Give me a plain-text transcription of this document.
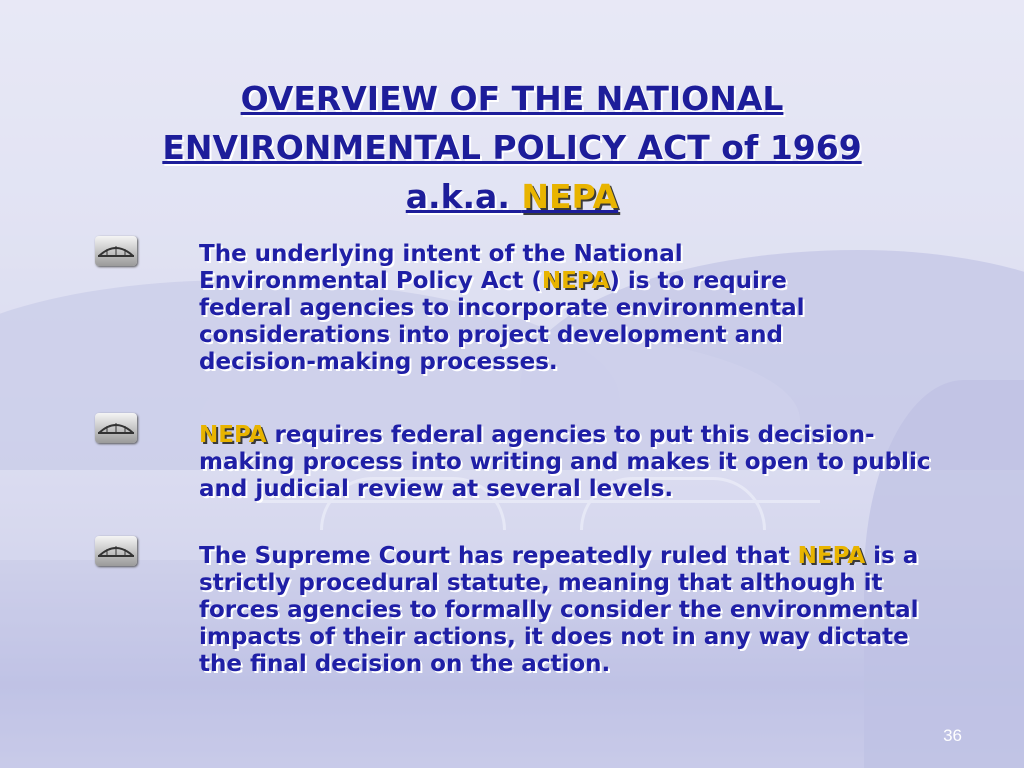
OVERVIEW OF THE NATIONAL
ENVIRONMENTAL POLICY ACT of 1969
a.k.a. NEPA
The underlying intent of the National Environmental Policy Act (NEPA) is to require federal agencies to incorporate environmental considerations into project development and decision-making processes.
NEPA requires federal agencies to put this decision-making process into writing and makes it open to public and judicial review at several levels.
The Supreme Court has repeatedly ruled that NEPA is a strictly procedural statute, meaning that although it forces agencies to formally consider the environmental impacts of their actions, it does not in any way dictate the final decision on the action.
36
